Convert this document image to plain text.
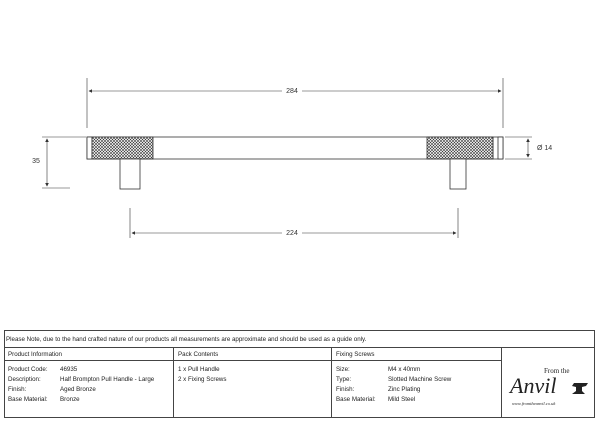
284
35
Ø 14
224
Please Note, due to the hand crafted nature of our products all measurements are approximate and should be used as a guide only.
Product Information
Product Code: 46935
Description:	Half Brompton Pull Handle - Large
Finish:	Aged Bronze
Base Material: Bronze
Pack Contents
1 x Pull Handle
2 x Fixing Screws
Fixing Screws
Size:	M4 x 40mm
Type:	Slotted Machine Screw
Finish:	Zinc Plating
Base Material: Mild Steel
From the
Anvil
www.fromtheanvil.co.uk
